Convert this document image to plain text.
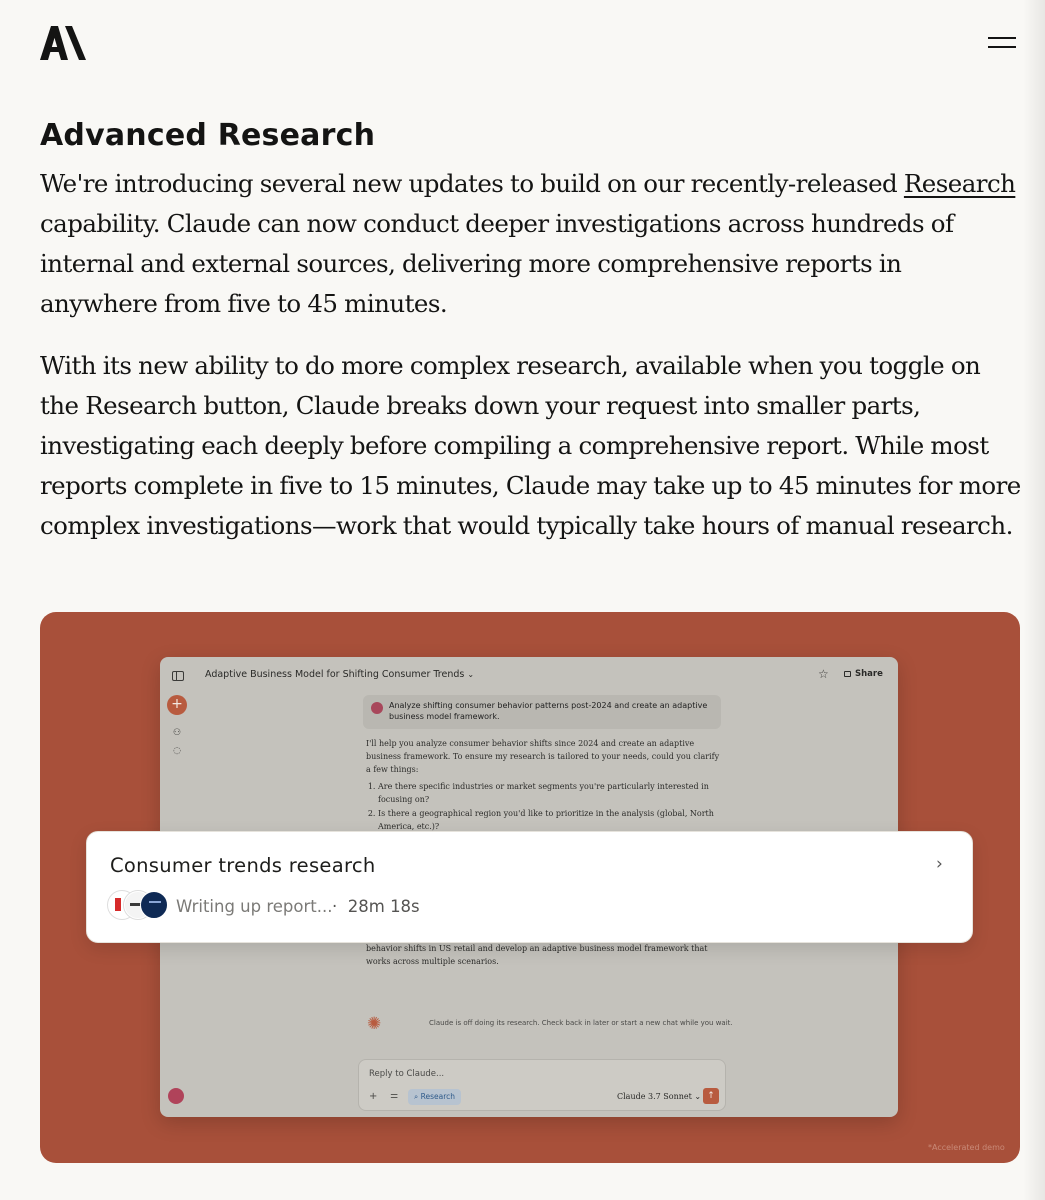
Advanced Research

We're introducing several new updates to build on our recently-released Research capability. Claude can now conduct deeper investigations across hundreds of internal and external sources, delivering more comprehensive reports in anywhere from five to 45 minutes.

With its new ability to do more complex research, available when you toggle on the Research button, Claude breaks down your request into smaller parts, investigating each deeply before compiling a comprehensive report. While most reports complete in five to 15 minutes, Claude may take up to 45 minutes for more complex investigations—work that would typically take hours of manual research.

Adaptive Business Model for Shifting Consumer Trends ⌄	☆	Share
+
⚇
◌
Analyze shifting consumer behavior patterns post-2024 and create an adaptive business model framework.
I'll help you analyze consumer behavior shifts since 2024 and create an adaptive business framework. To ensure my research is tailored to your needs, could you clarify a few things:
1. Are there specific industries or market segments you're particularly interested in focusing on?
2. Is there a geographical region you'd like to prioritize in the analysis (global, North America, etc.)?
3.
behavior shifts in US retail and develop an adaptive business model framework that works across multiple scenarios.
✺	Claude is off doing its research. Check back in later or start a new chat while you wait.
Reply to Claude...
+ ⚌	⌕ Research	Claude 3.7 Sonnet ⌄ ↑
Consumer trends research	›
Writing up report... · 28m 18s
*Accelerated demo
